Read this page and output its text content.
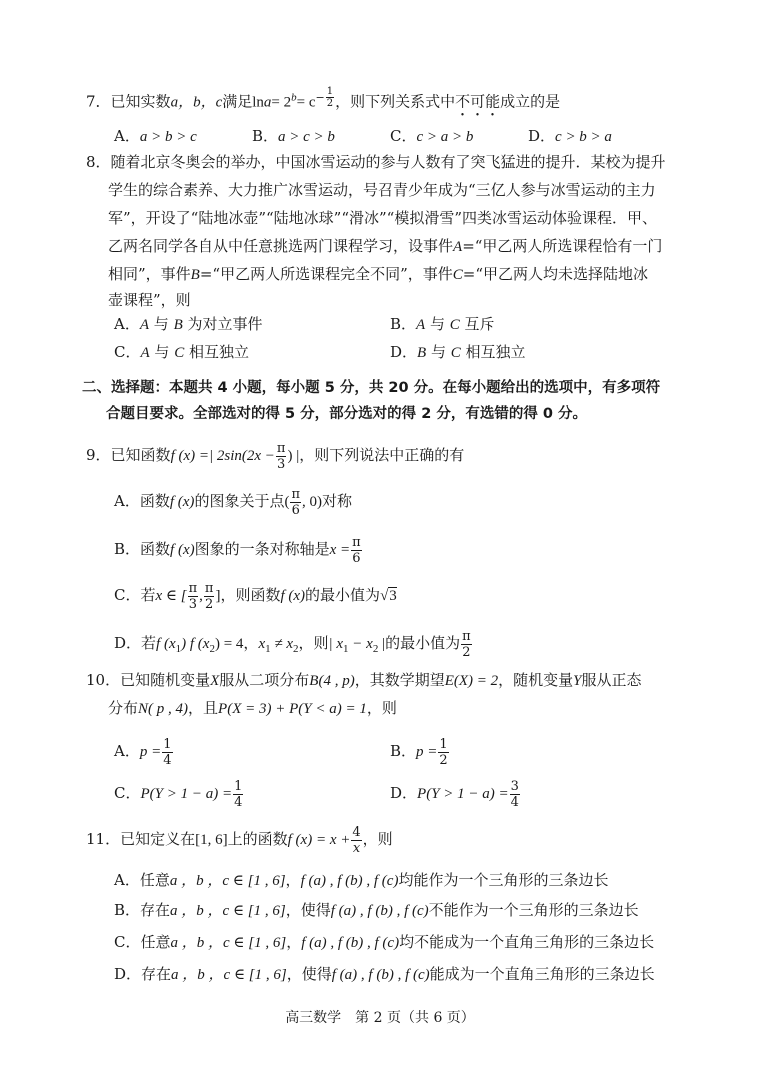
7．已知实数a，b，c满足$\ln a= 2^b= c^{- \frac{1}{2}}$ ，则下列关系式中不可能成立的是
A．a > b > c	B．a > c > b	C．c > a > b	D．c > b > a
8．随着北京冬奥会的举办，中国冰雪运动的参与人数有了突飞猛进的提升．某校为提升
学生的综合素养、大力推广冰雪运动，号召青少年成为“三亿人参与冰雪运动的主力
军”，开设了“陆地冰壶”“陆地冰球”“滑冰”“模拟滑雪”四类冰雪运动体验课程．甲、
乙两名同学各自从中任意挑选两门课程学习，设事件A=“甲乙两人所选课程恰有一门
相同”，事件B=“甲乙两人所选课程完全不同”，事件C=“甲乙两人均未选择陆地冰
壶课程”，则
A．A 与 B 为对立事件	B．A 与 C 互斥
C．A 与 C 相互独立	D．B 与 C 相互独立
二、选择题：本题共 4 小题，每小题 5 分，共 20 分。在每小题给出的选项中，有多项符
合题目要求。全部选对的得 5 分，部分选对的得 2 分，有选错的得 0 分。
9．已知函数f (x) =| $2\sin(2x - \frac{\pi}{3}$ ) |，则下列说法中正确的有
A．函数f (x)的图象关于点( $\frac{\pi}{6}$ , 0)对称
B．函数f (x)图象的一条对称轴是$x = \frac{\pi}{6}$
C．若x ∈ [ $\frac{\pi}{3}$ , $\frac{\pi}{2}$ ]，则函数f (x)的最小值为√3
D．若f $(x_1)$ f $(x_2) = 4$，$x_1 \ne x_2$，则| $x_1 - x_2$ |的最小值为 $\frac{\pi}{2}$
10．已知随机变量X服从二项分布B(4 , p)，其数学期望E(X) = 2，随机变量Y服从正态
分布N( p , 4)，且P(X = 3) + P(Y < a) = 1，则
A．$p = \frac{1}{4}$	B．$p = \frac{1}{2}$
C．$P(Y > 1 - a) = \frac{1}{4}$	D．$P(Y > 1 - a) = \frac{3}{4}$
11．已知定义在[1, 6]上的函数f $(x) = x + \frac{4}{x}$ ，则
A．任意a ，b ，c ∈ [1 , 6]，f (a) , f (b) , f (c)均能作为一个三角形的三条边长
B．存在a ，b ，c ∈ [1 , 6]，使得f (a) , f (b) , f (c)不能作为一个三角形的三条边长
C．任意a ，b ，c ∈ [1 , 6]，f (a) , f (b) , f (c)均不能成为一个直角三角形的三条边长
D．存在a ，b ，c ∈ [1 , 6]，使得f (a) , f (b) , f (c)能成为一个直角三角形的三条边长
高三数学　第 2 页（共 6 页）
